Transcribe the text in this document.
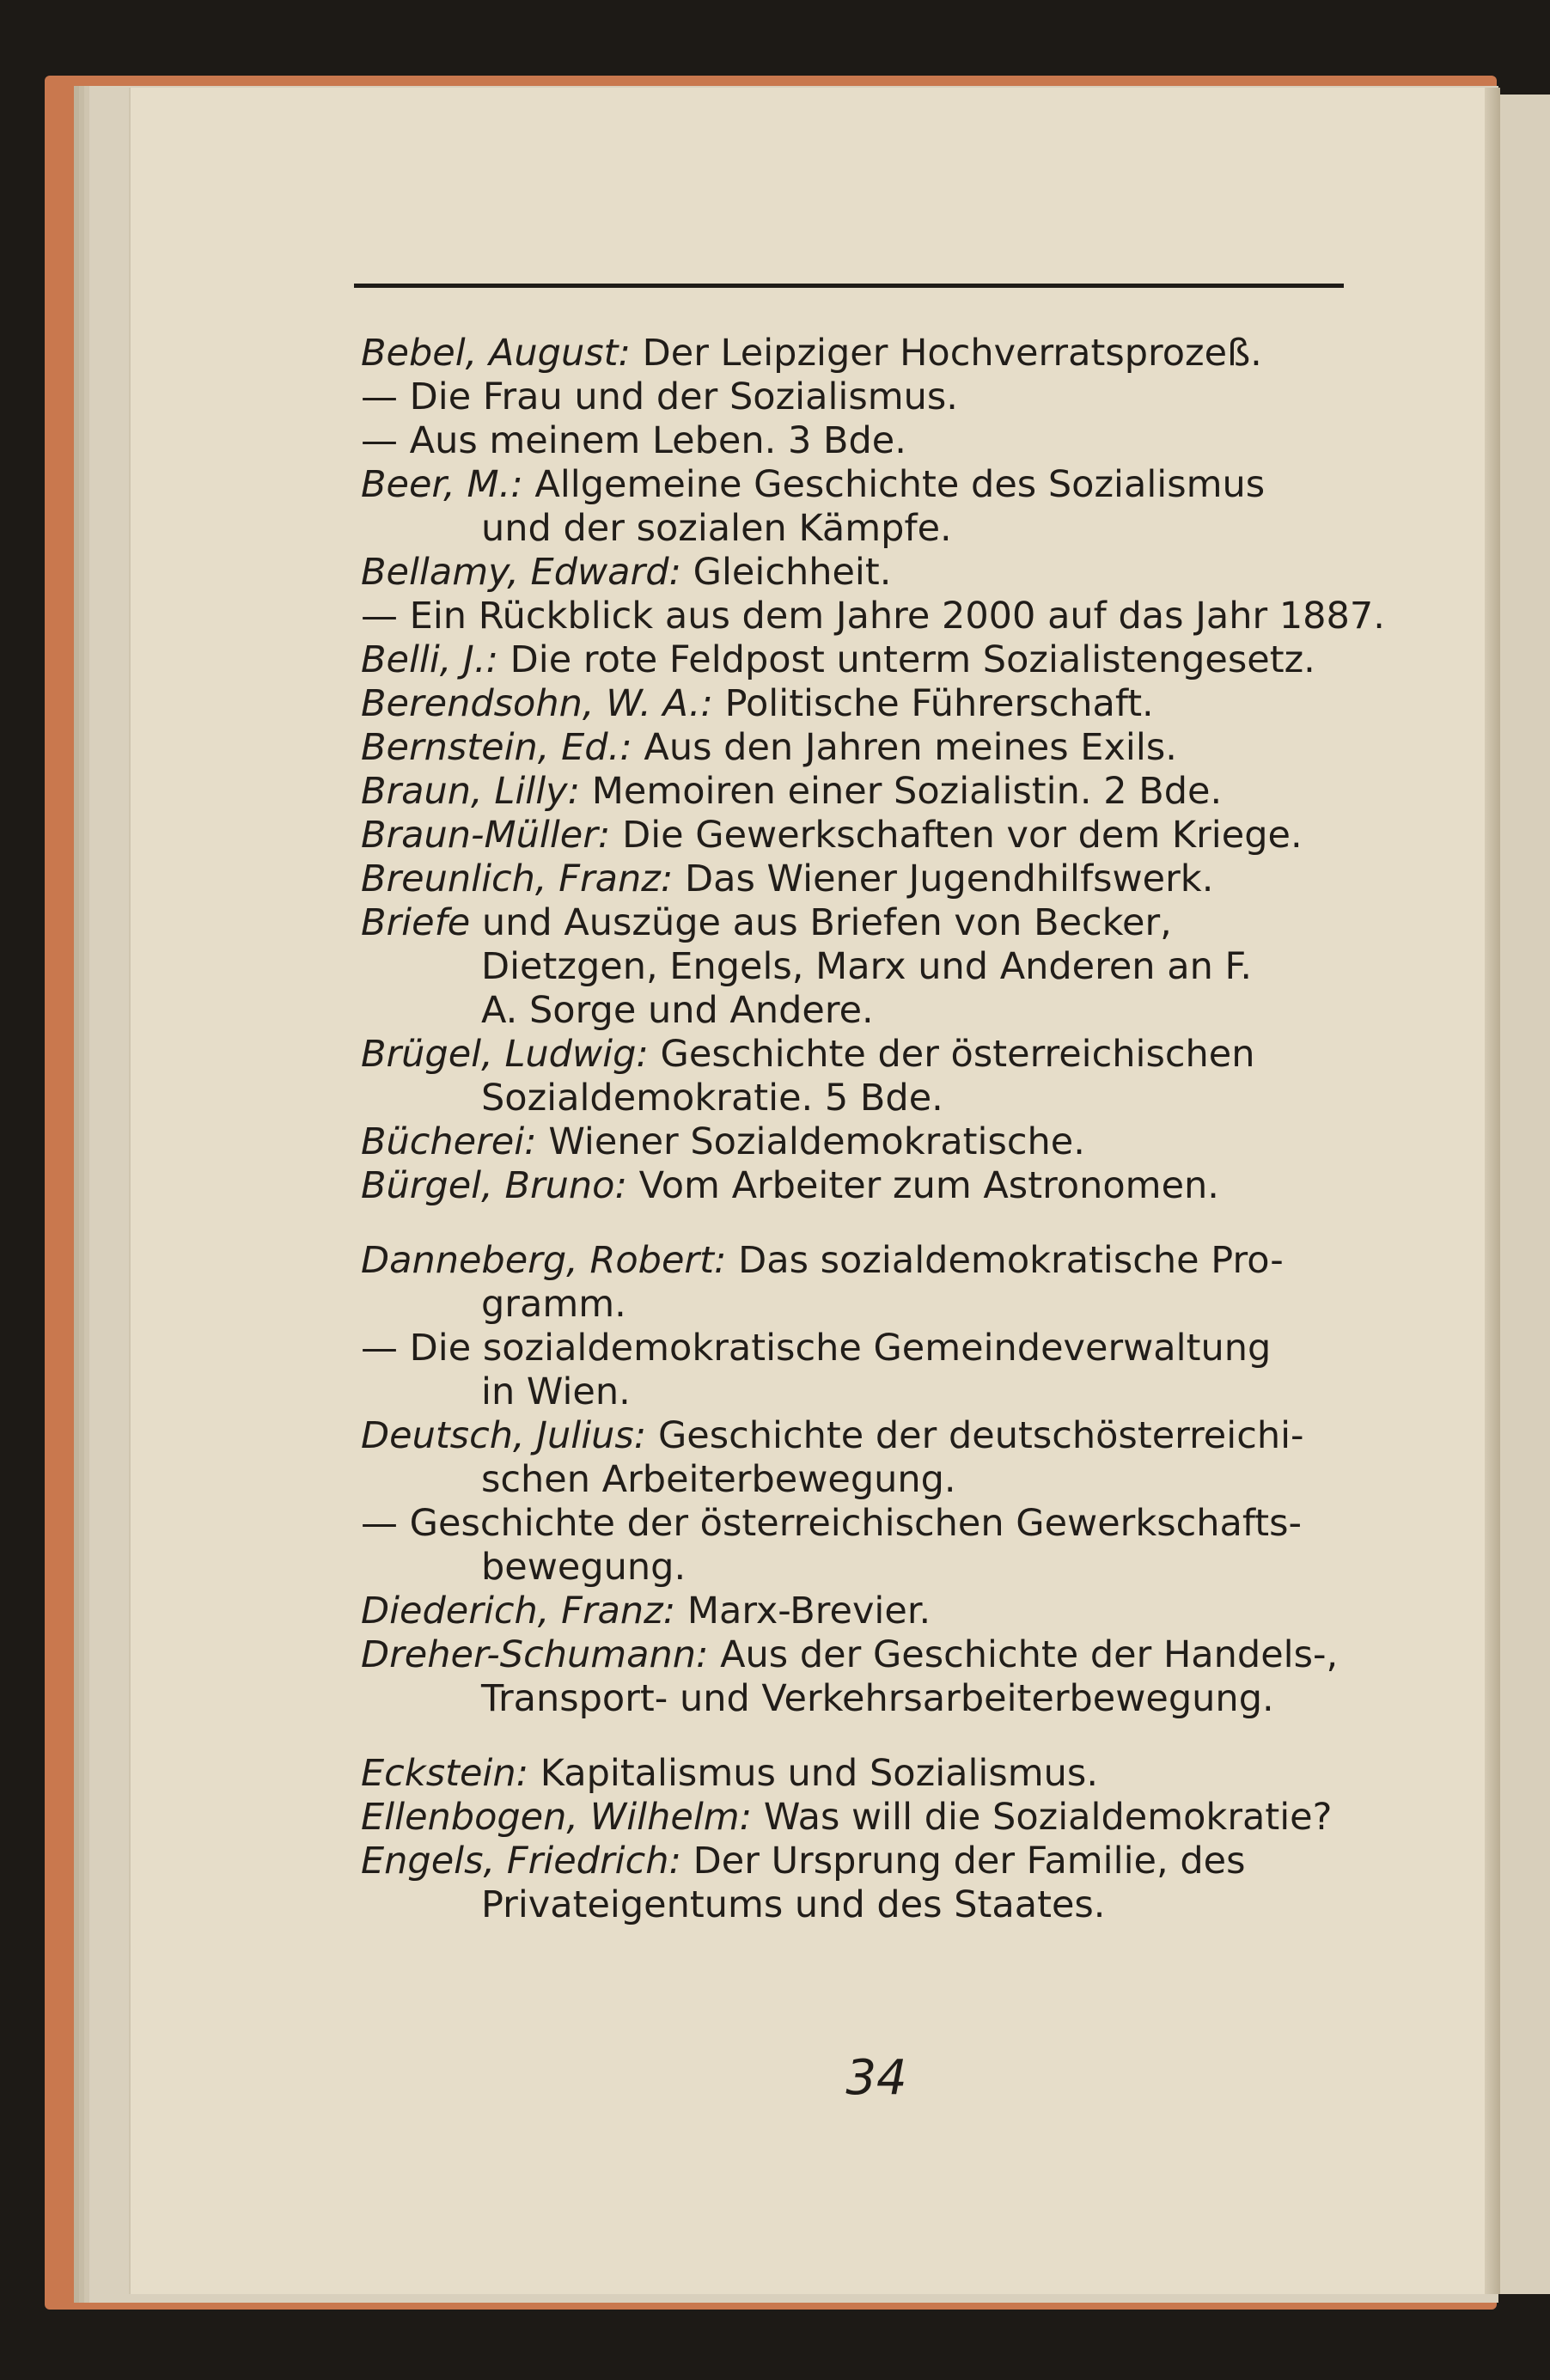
Bebel, August: Der Leipziger Hochverratsprozeß.
— Die Frau und der Sozialismus.
— Aus meinem Leben. 3 Bde.
Beer, M.: Allgemeine Geschichte des Sozialismus
und der sozialen Kämpfe.
Bellamy, Edward: Gleichheit.
— Ein Rückblick aus dem Jahre 2000 auf das Jahr 1887.
Belli, J.: Die rote Feldpost unterm Sozialistengesetz.
Berendsohn, W. A.: Politische Führerschaft.
Bernstein, Ed.: Aus den Jahren meines Exils.
Braun, Lilly: Memoiren einer Sozialistin. 2 Bde.
Braun-Müller: Die Gewerkschaften vor dem Kriege.
Breunlich, Franz: Das Wiener Jugendhilfswerk.
Briefe und Auszüge aus Briefen von Becker,
Dietzgen, Engels, Marx und Anderen an F.
A. Sorge und Andere.
Brügel, Ludwig: Geschichte der österreichischen
Sozialdemokratie. 5 Bde.
Bücherei: Wiener Sozialdemokratische.
Bürgel, Bruno: Vom Arbeiter zum Astronomen.
Danneberg, Robert: Das sozialdemokratische Pro-
gramm.
— Die sozialdemokratische Gemeindeverwaltung
in Wien.
Deutsch, Julius: Geschichte der deutschösterreichi-
schen Arbeiterbewegung.
— Geschichte der österreichischen Gewerkschafts-
bewegung.
Diederich, Franz: Marx-Brevier.
Dreher-Schumann: Aus der Geschichte der Handels-,
Transport- und Verkehrsarbeiterbewegung.
Eckstein: Kapitalismus und Sozialismus.
Ellenbogen, Wilhelm: Was will die Sozialdemokratie?
Engels, Friedrich: Der Ursprung der Familie, des
Privateigentums und des Staates.
34
